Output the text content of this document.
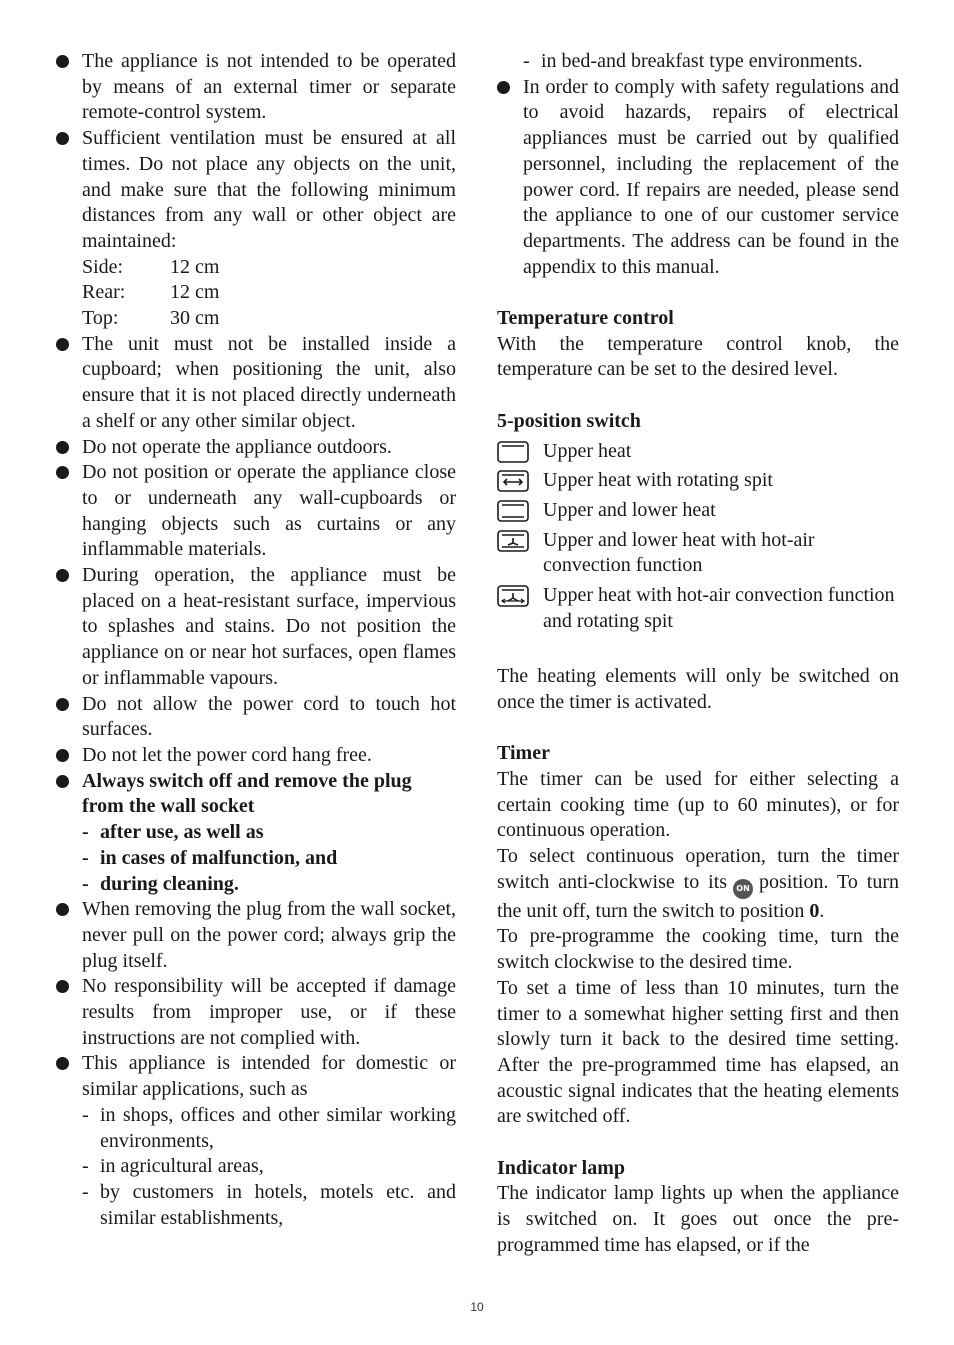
The appliance is not intended to be operated by means of an external timer or separate remote-control system.
Sufficient ventilation must be ensured at all times. Do not place any objects on the unit, and make sure that the following minimum distances from any wall or other object are maintained:
Side:	12 cm
Rear:	12 cm
Top:	30 cm
The unit must not be installed inside a cupboard; when positioning the unit, also ensure that it is not placed directly underneath a shelf or any other similar object.
Do not operate the appliance outdoors.
Do not position or operate the appliance close to or underneath any wall-cupboards or hanging objects such as curtains or any inflammable materials.
During operation, the appliance must be placed on a heat-resistant surface, impervious to splashes and stains. Do not position the appliance on or near hot surfaces, open flames or inflammable vapours.
Do not allow the power cord to touch hot surfaces.
Do not let the power cord hang free.
Always switch off and remove the plug from the wall socket
- after use, as well as
- in cases of malfunction, and
- during cleaning.
When removing the plug from the wall socket, never pull on the power cord; always grip the plug itself.
No responsibility will be accepted if damage results from improper use, or if these instructions are not complied with.
This appliance is intended for domestic or similar applications, such as
- in shops, offices and other similar working environments,
- in agricultural areas,
- by customers in hotels, motels etc. and similar establishments,
- in bed-and breakfast type environments.
In order to comply with safety regulations and to avoid hazards, repairs of electrical appliances must be carried out by qualified personnel, including the replacement of the power cord. If repairs are needed, please send the appliance to one of our customer service departments. The address can be found in the appendix to this manual.
Temperature control
With the temperature control knob, the temperature can be set to the desired level.
5-position switch
Upper heat
Upper heat with rotating spit
Upper and lower heat
Upper and lower heat with hot-air convection function
Upper heat with hot-air convection function and rotating spit
The heating elements will only be switched on once the timer is activated.
Timer
The timer can be used for either selecting a certain cooking time (up to 60 minutes), or for continuous operation.
To select continuous operation, turn the timer switch anti-clockwise to its ON position. To turn the unit off, turn the switch to position 0.
To pre-programme the cooking time, turn the switch clockwise to the desired time.
To set a time of less than 10 minutes, turn the timer to a somewhat higher setting first and then slowly turn it back to the desired time setting. After the pre-programmed time has elapsed, an acoustic signal indicates that the heating elements are switched off.
Indicator lamp
The indicator lamp lights up when the appliance is switched on. It goes out once the pre-programmed time has elapsed, or if the
10
